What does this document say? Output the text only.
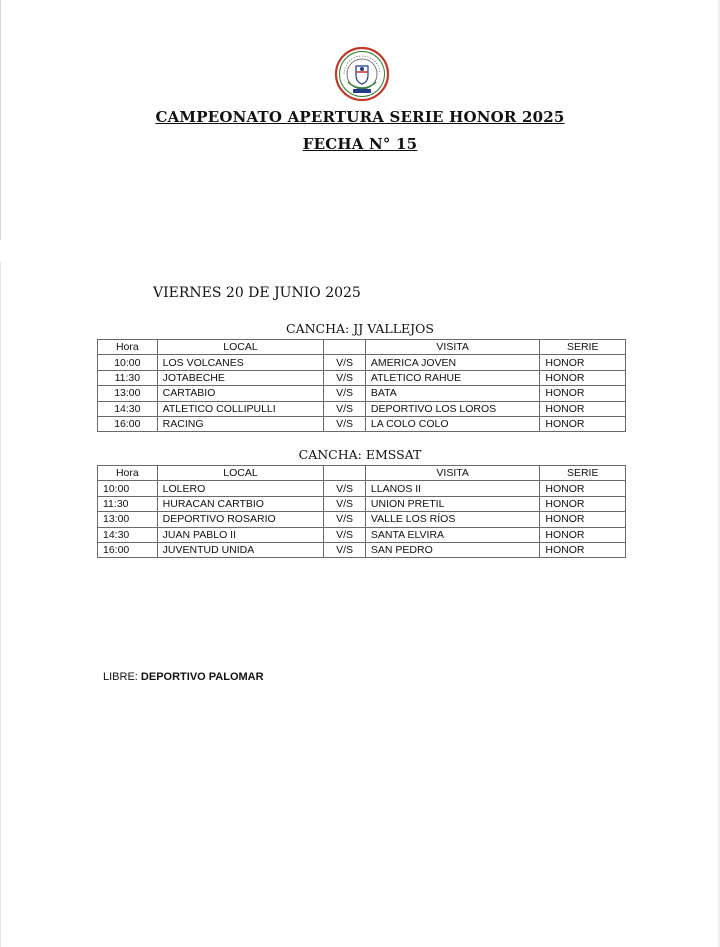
CAMPEONATO APERTURA SERIE HONOR 2025
FECHA N° 15
VIERNES 20 DE JUNIO 2025
CANCHA: JJ VALLEJOS
Hora	LOCAL		VISITA	SERIE
10:00	LOS VOLCANES	V/S	AMERICA JOVEN	HONOR
11:30	JOTABECHE	V/S	ATLETICO RAHUE	HONOR
13:00	CARTABIO	V/S	BATA	HONOR
14:30	ATLETICO COLLIPULLI	V/S	DEPORTIVO LOS LOROS	HONOR
16:00	RACING	V/S	LA COLO COLO	HONOR
CANCHA: EMSSAT
Hora	LOCAL		VISITA	SERIE
10:00	LOLERO	V/S	LLANOS II	HONOR
11:30	HURACAN CARTBIO	V/S	UNION PRETIL	HONOR
13:00	DEPORTIVO ROSARIO	V/S	VALLE LOS RÍOS	HONOR
14:30	JUAN PABLO II	V/S	SANTA ELVIRA	HONOR
16:00	JUVENTUD UNIDA	V/S	SAN PEDRO	HONOR
LIBRE: DEPORTIVO PALOMAR
